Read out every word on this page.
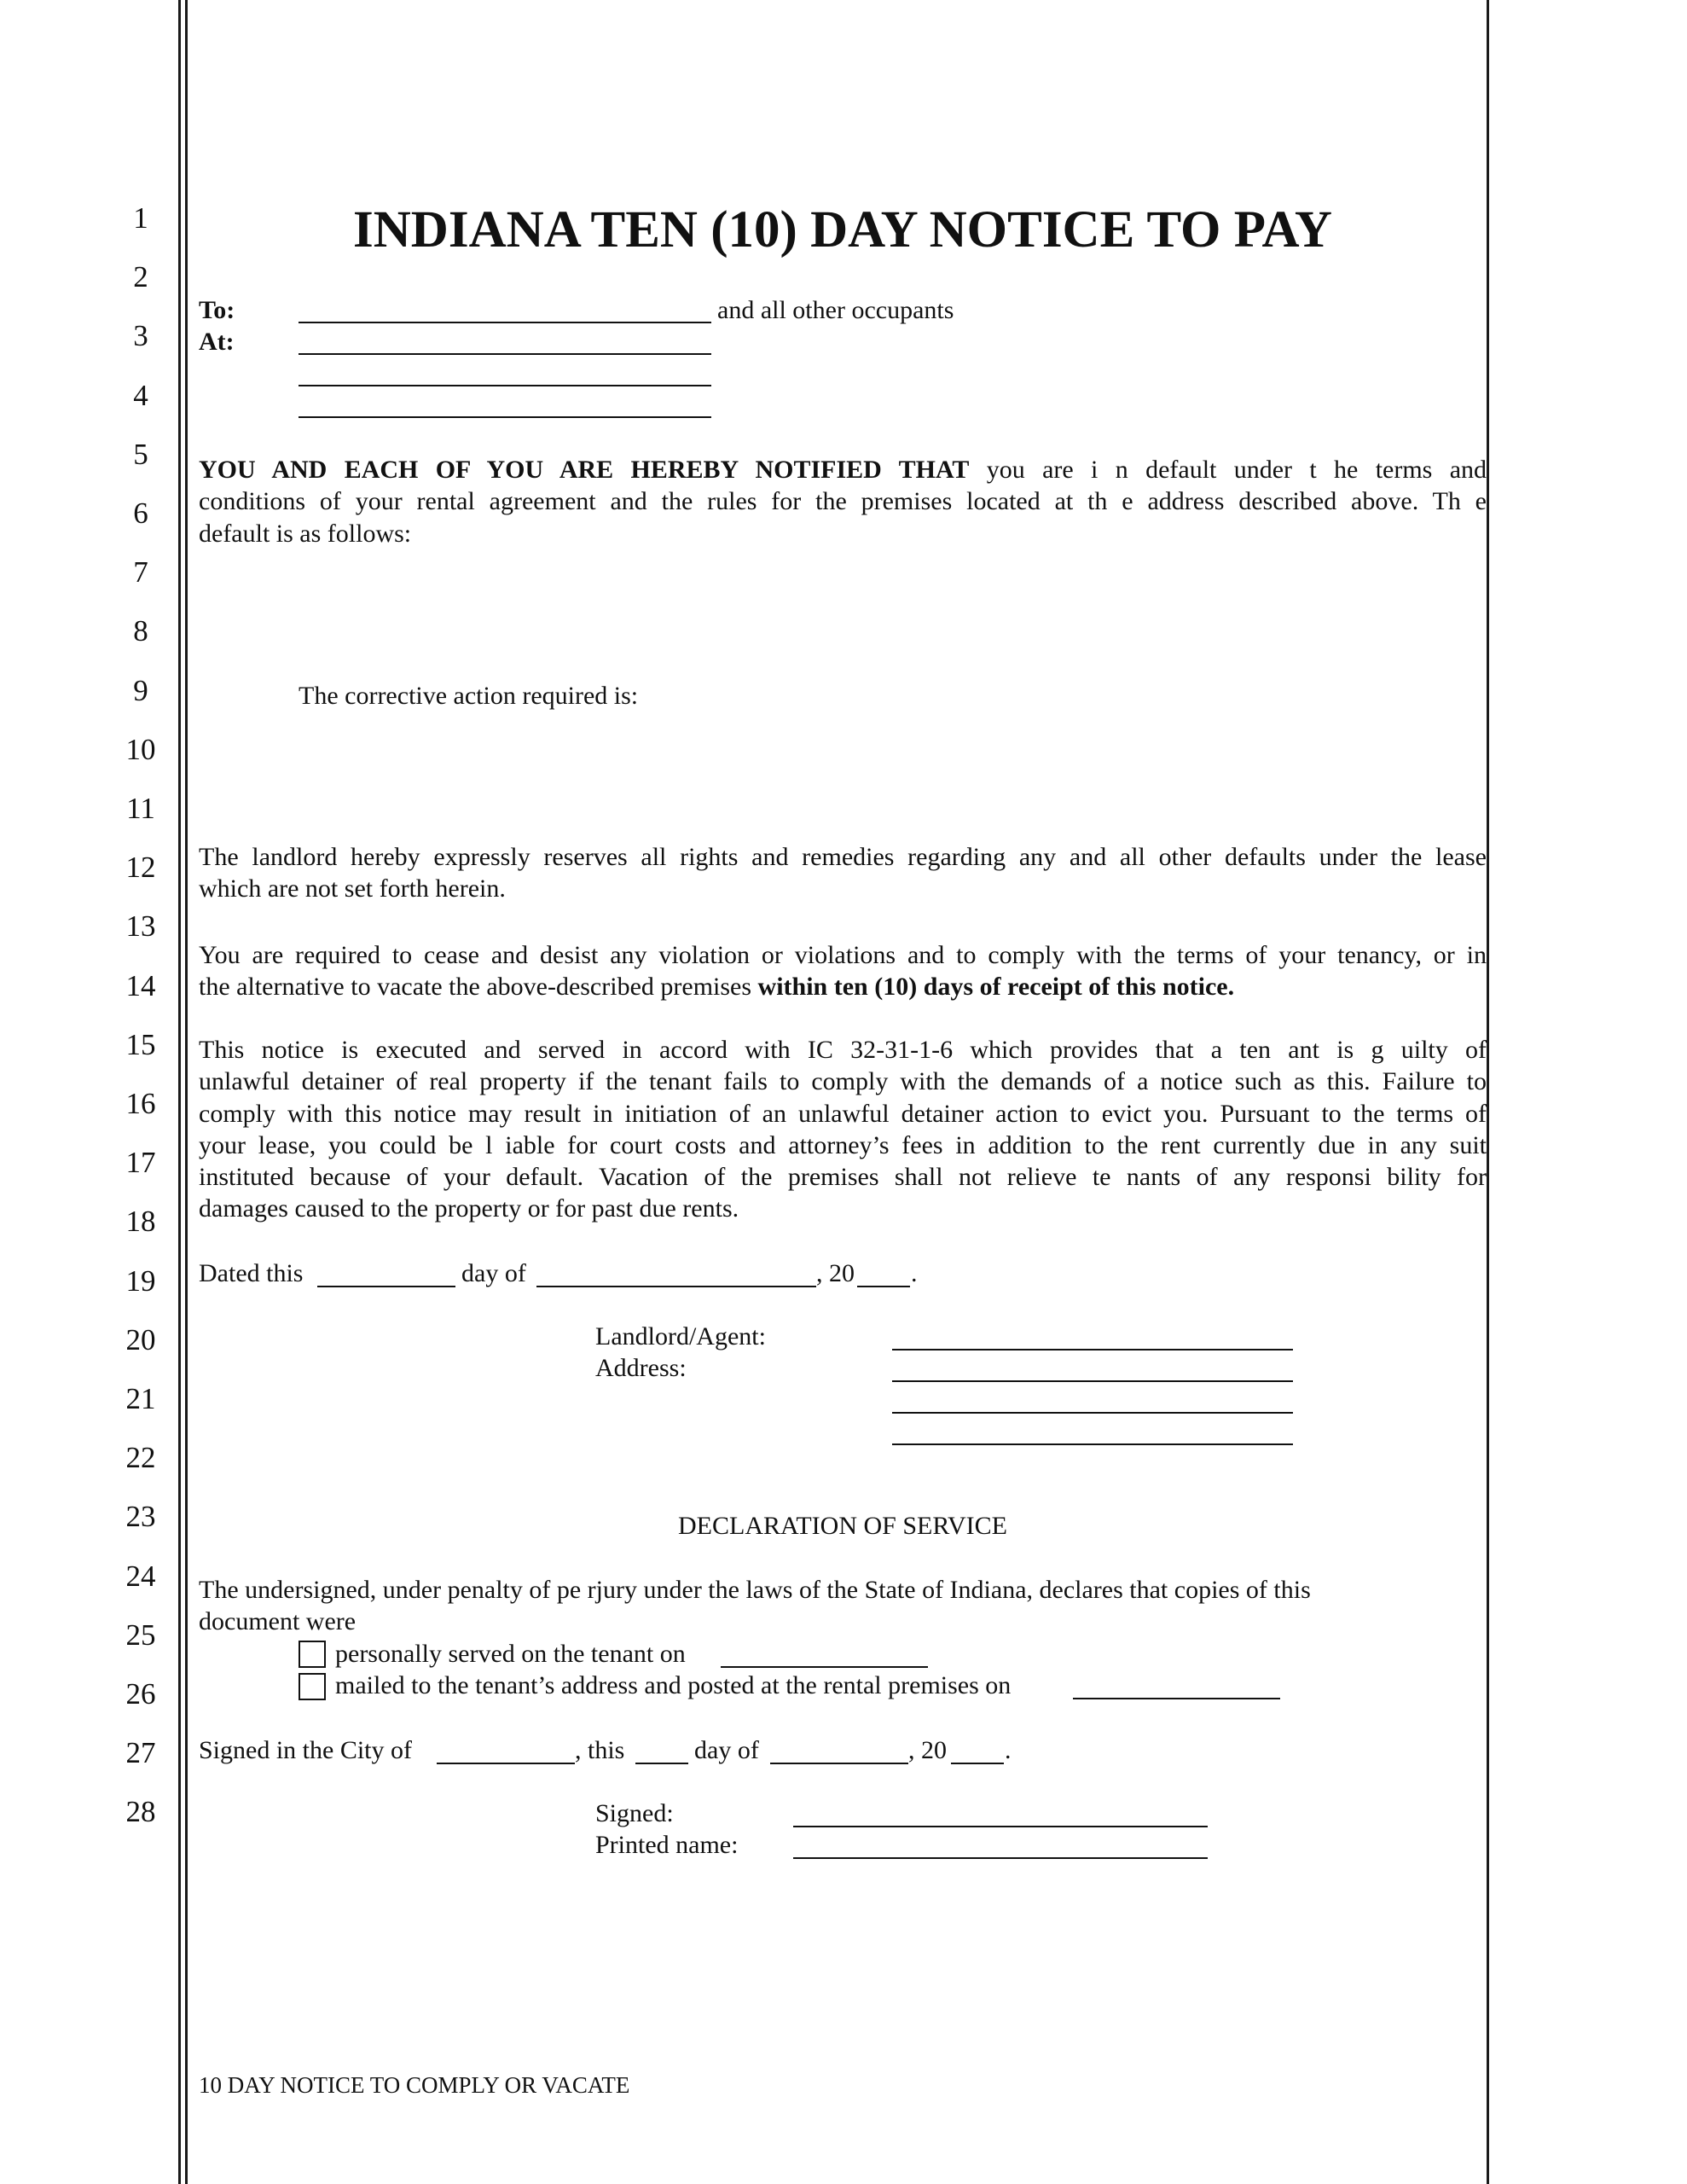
1
2
3
4
5
6
7
8
9
10
11
12
13
14
15
16
17
18
19
20
21
22
23
24
25
26
27
28
INDIANA TEN (10) DAY NOTICE TO PAY
To:	and all other occupants
At:
YOU AND EACH OF YOU ARE HEREBY NOTIFIED THAT you are i n default under t he terms and
conditions of your rental agreement and the rules for the premises located at th e address described above. Th e
default is as follows:
The corrective action required is:
The landlord hereby expressly reserves all rights and remedies regarding any and all other defaults under the lease
which are not set forth herein.
You are required to cease and desist any violation or violations and to comply with the terms of your tenancy, or in
the alternative to vacate the above-described premises within ten (10) days of receipt of this notice.
This notice is executed and served in accord with IC 32-31-1-6 which provides that a ten ant is g uilty of
unlawful detainer of real property if the tenant fails to comply with the demands of a notice such as this. Failure to
comply with this notice may result in initiation of an unlawful detainer action to evict you. Pursuant to the terms of
your lease, you could be l iable for court costs and attorney’s fees in addition to the rent currently due in any suit
instituted because of your default. Vacation of the premises shall not relieve te nants of any responsi bility for
damages caused to the property or for past due rents.
Dated this	day of	, 20 .
Landlord/Agent:
Address:
DECLARATION OF SERVICE
The undersigned, under penalty of pe rjury under the laws of the State of Indiana, declares that copies of this
document were
personally served on the tenant on
mailed to the tenant’s address and posted at the rental premises on
Signed in the City of	, this	day of	, 20 .
Signed:
Printed name:
10 DAY NOTICE TO COMPLY OR VACATE
